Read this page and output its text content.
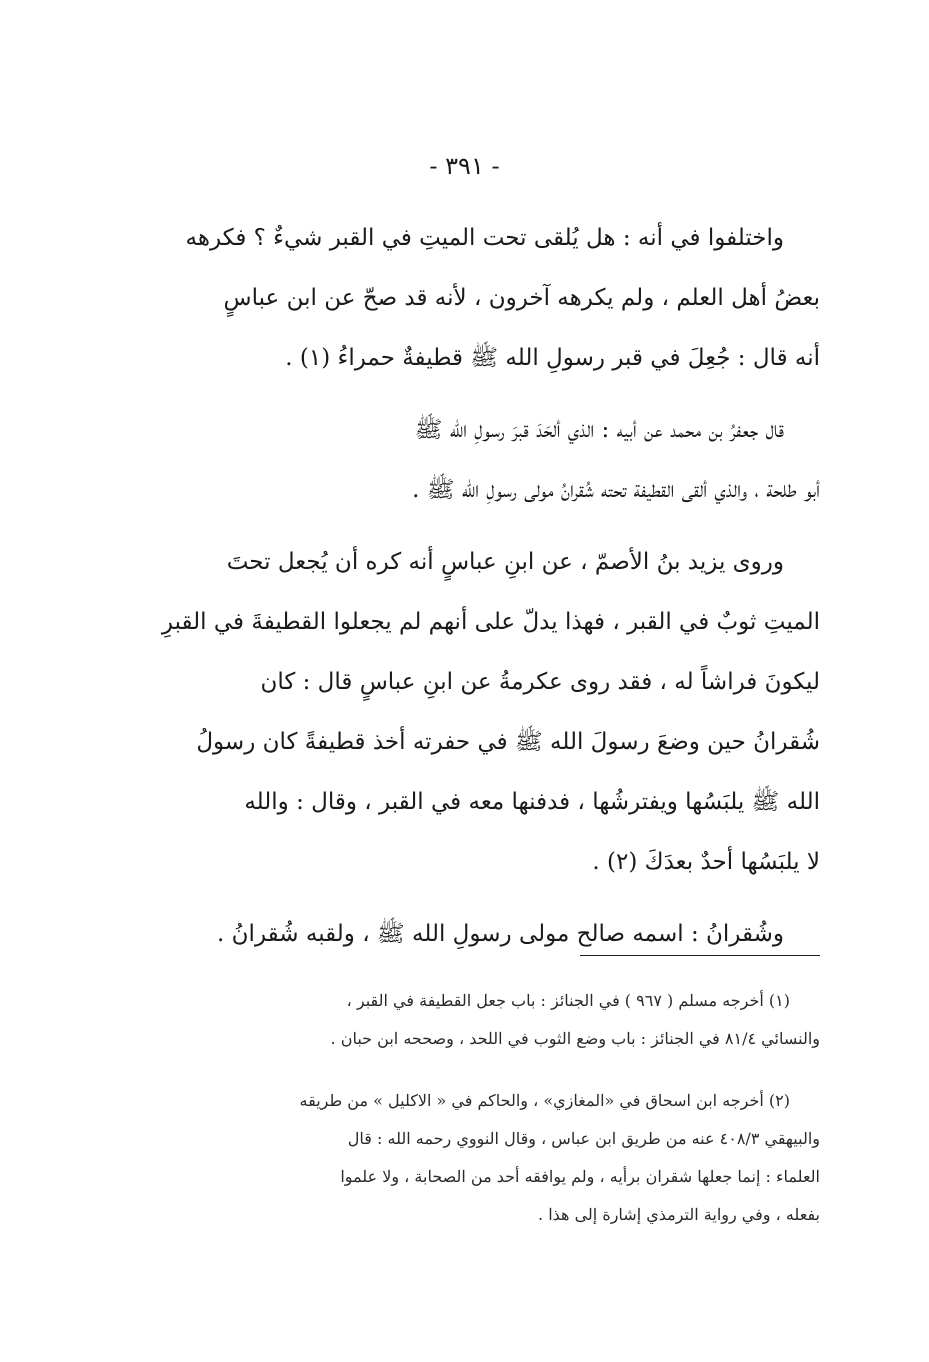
- ٣٩١ -

واختلفوا في أنه : هل يُلقى تحت الميتِ في القبر شيءٌ ؟ فكرهه
بعضُ أهل العلم ، ولم يكرهه آخرون ، لأنه قد صحّ عن ابن عباسٍ
أنه قال : جُعِلَ في قبر رسولِ الله ﷺ قطيفةٌ حمراءُ (١) .

قال جعفرُ بن محمد عن أبيه : الذي ألحَدَ قبرَ رسولِ الله ﷺ
أبو طلحة ، والذي ألقى القطيفة تحته شُقرانُ مولى رسولِ الله ﷺ .

وروى يزيد بنُ الأصمّ ، عن ابنِ عباسٍ أنه كره أن يُجعل تحتَ
الميتِ ثوبٌ في القبر ، فهذا يدلّ على أنهم لم يجعلوا القطيفةَ في القبرِ
ليكونَ فراشاً له ، فقد روى عكرمةُ عن ابنِ عباسٍ قال : كان
شُقرانُ حين وضعَ رسولَ الله ﷺ في حفرته أخذ قطيفةً كان رسولُ
الله ﷺ يلبَسُها ويفترشُها ، فدفنها معه في القبر ، وقال : والله
لا يلبَسُها أحدٌ بعدَكَ (٢) .

وشُقرانُ : اسمه صالح مولى رسولِ الله ﷺ ، ولقبه شُقرانُ .

(١) أخرجه مسلم ( ٩٦٧ ) في الجنائز : باب جعل القطيفة في القبر ،
والنسائي ٨١/٤ في الجنائز : باب وضع الثوب في اللحد ، وصححه ابن حبان .

(٢) أخرجه ابن اسحاق في «المغازي» ، والحاكم في « الاكليل » من طريقه
والبيهقي ٤٠٨/٣ عنه من طريق ابن عباس ، وقال النووي رحمه الله : قال
العلماء : إنما جعلها شقران برأيه ، ولم يوافقه أحد من الصحابة ، ولا علموا
بفعله ، وفي رواية الترمذي إشارة إلى هذا .
